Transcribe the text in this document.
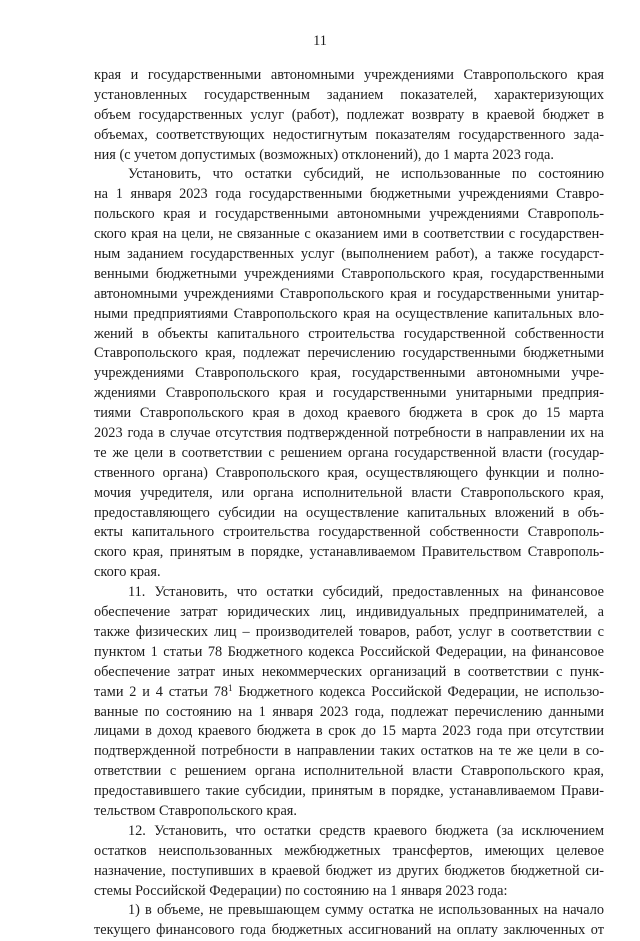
11
края и государственными автономными учреждениями Ставропольского края
установленных государственным заданием показателей, характеризующих
объем государственных услуг (работ), подлежат возврату в краевой бюджет в
объемах, соответствующих недостигнутым показателям государственного зада-
ния (с учетом допустимых (возможных) отклонений), до 1 марта 2023 года.
Установить, что остатки субсидий, не использованные по состоянию
на 1 января 2023 года государственными бюджетными учреждениями Ставро-
польского края и государственными автономными учреждениями Ставрополь-
ского края на цели, не связанные с оказанием ими в соответствии с государствен-
ным заданием государственных услуг (выполнением работ), а также государст-
венными бюджетными учреждениями Ставропольского края, государственными
автономными учреждениями Ставропольского края и государственными унитар-
ными предприятиями Ставропольского края на осуществление капитальных вло-
жений в объекты капитального строительства государственной собственности
Ставропольского края, подлежат перечислению государственными бюджетными
учреждениями Ставропольского края, государственными автономными учре-
ждениями Ставропольского края и государственными унитарными предприя-
тиями Ставропольского края в доход краевого бюджета в срок до 15 марта
2023 года в случае отсутствия подтвержденной потребности в направлении их на
те же цели в соответствии с решением органа государственной власти (государ-
ственного органа) Ставропольского края, осуществляющего функции и полно-
мочия учредителя, или органа исполнительной власти Ставропольского края,
предоставляющего субсидии на осуществление капитальных вложений в объ-
екты капитального строительства государственной собственности Ставрополь-
ского края, принятым в порядке, устанавливаемом Правительством Ставрополь-
ского края.
11. Установить, что остатки субсидий, предоставленных на финансовое
обеспечение затрат юридических лиц, индивидуальных предпринимателей, а
также физических лиц – производителей товаров, работ, услуг в соответствии с
пунктом 1 статьи 78 Бюджетного кодекса Российской Федерации, на финансовое
обеспечение затрат иных некоммерческих организаций в соответствии с пунк-
тами 2 и 4 статьи $78^1$ Бюджетного кодекса Российской Федерации, не использо-
ванные по состоянию на 1 января 2023 года, подлежат перечислению данными
лицами в доход краевого бюджета в срок до 15 марта 2023 года при отсутствии
подтвержденной потребности в направлении таких остатков на те же цели в со-
ответствии с решением органа исполнительной власти Ставропольского края,
предоставившего такие субсидии, принятым в порядке, устанавливаемом Прави-
тельством Ставропольского края.
12. Установить, что остатки средств краевого бюджета (за исключением
остатков неиспользованных межбюджетных трансфертов, имеющих целевое
назначение, поступивших в краевой бюджет из других бюджетов бюджетной си-
стемы Российской Федерации) по состоянию на 1 января 2023 года:
1) в объеме, не превышающем сумму остатка не использованных на начало
текущего финансового года бюджетных ассигнований на оплату заключенных от
